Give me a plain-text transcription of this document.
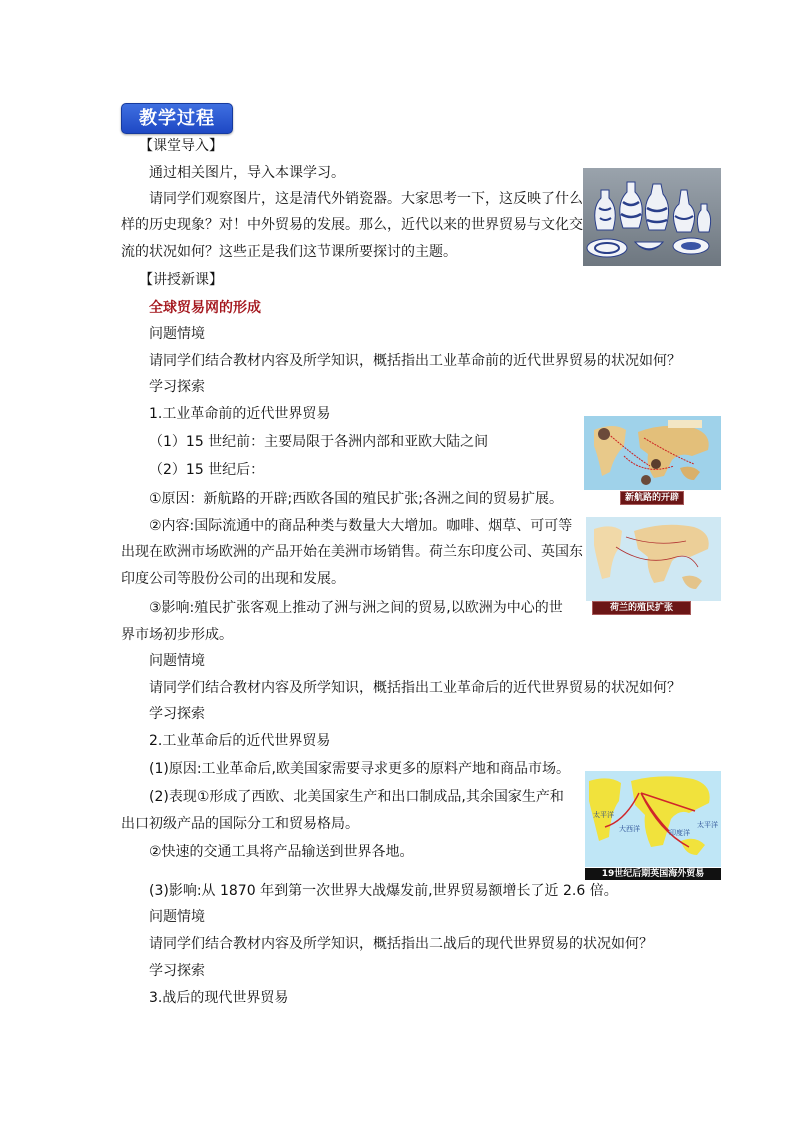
教学过程
【课堂导入】
通过相关图片，导入本课学习。
请同学们观察图片，这是清代外销瓷器。大家思考一下，这反映了什么
样的历史现象？对！中外贸易的发展。那么，近代以来的世界贸易与文化交
流的状况如何？这些正是我们这节课所要探讨的主题。
【讲授新课】
全球贸易网的形成
问题情境
请同学们结合教材内容及所学知识，概括指出工业革命前的近代世界贸易的状况如何？
学习探索
1.工业革命前的近代世界贸易
（1）15 世纪前：主要局限于各洲内部和亚欧大陆之间
（2）15 世纪后：
①原因：新航路的开辟;西欧各国的殖民扩张;各洲之间的贸易扩展。
②内容:国际流通中的商品种类与数量大大增加。咖啡、烟草、可可等
出现在欧洲市场欧洲的产品开始在美洲市场销售。荷兰东印度公司、英国东
印度公司等股份公司的出现和发展。
③影响:殖民扩张客观上推动了洲与洲之间的贸易,以欧洲为中心的世
界市场初步形成。
问题情境
请同学们结合教材内容及所学知识，概括指出工业革命后的近代世界贸易的状况如何？
学习探索
2.工业革命后的近代世界贸易
(1)原因:工业革命后,欧美国家需要寻求更多的原料产地和商品市场。
(2)表现①形成了西欧、北美国家生产和出口制成品,其余国家生产和
出口初级产品的国际分工和贸易格局。
②快速的交通工具将产品输送到世界各地。
(3)影响:从 1870 年到第一次世界大战爆发前,世界贸易额增长了近 2.6 倍。
问题情境
请同学们结合教材内容及所学知识，概括指出二战后的现代世界贸易的状况如何？
学习探索
3.战后的现代世界贸易
新航路的开辟
荷兰的殖民扩张
太平洋
大西洋	印度洋
太平洋
19世纪后期英国海外贸易
